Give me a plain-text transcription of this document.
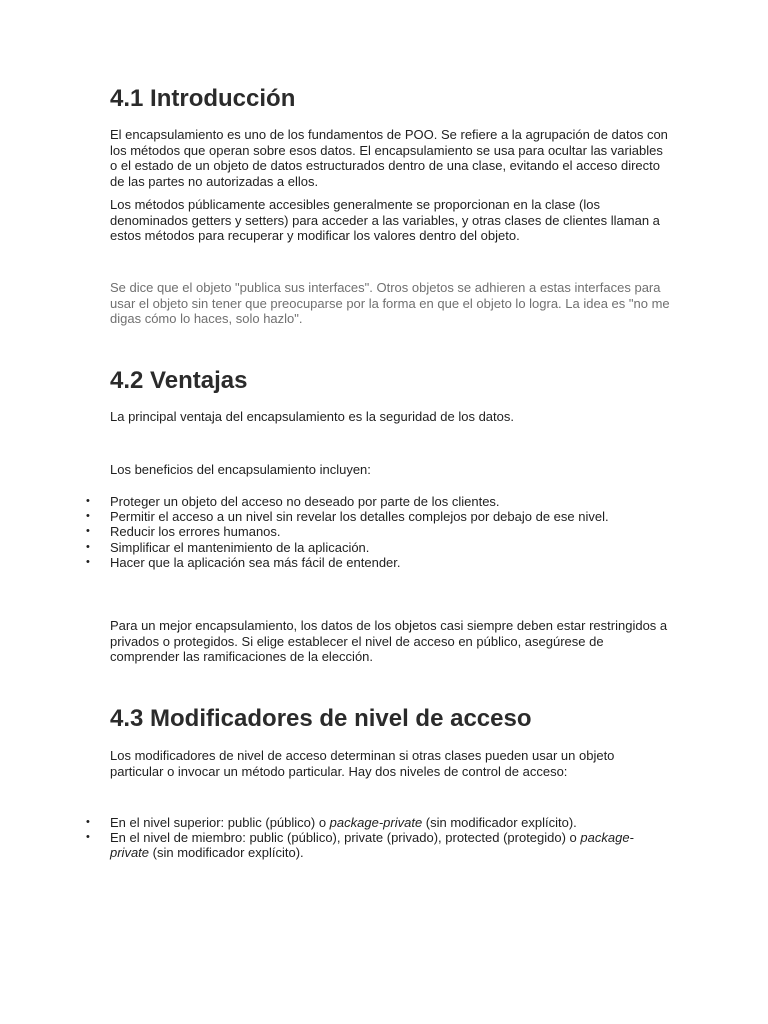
4.1 Introducción

El encapsulamiento es uno de los fundamentos de POO. Se refiere a la agrupación de datos con los métodos que operan sobre esos datos. El encapsulamiento se usa para ocultar las variables o el estado de un objeto de datos estructurados dentro de una clase, evitando el acceso directo de las partes no autorizadas a ellos.

Los métodos públicamente accesibles generalmente se proporcionan en la clase (los denominados getters y setters) para acceder a las variables, y otras clases de clientes llaman a estos métodos para recuperar y modificar los valores dentro del objeto.

Se dice que el objeto "publica sus interfaces". Otros objetos se adhieren a estas interfaces para usar el objeto sin tener que preocuparse por la forma en que el objeto lo logra. La idea es "no me digas cómo lo haces, solo hazlo".

4.2 Ventajas

La principal ventaja del encapsulamiento es la seguridad de los datos.

Los beneficios del encapsulamiento incluyen:

• Proteger un objeto del acceso no deseado por parte de los clientes.
• Permitir el acceso a un nivel sin revelar los detalles complejos por debajo de ese nivel.
• Reducir los errores humanos.
• Simplificar el mantenimiento de la aplicación.
• Hacer que la aplicación sea más fácil de entender.

Para un mejor encapsulamiento, los datos de los objetos casi siempre deben estar restringidos a privados o protegidos. Si elige establecer el nivel de acceso en público, asegúrese de comprender las ramificaciones de la elección.

4.3 Modificadores de nivel de acceso

Los modificadores de nivel de acceso determinan si otras clases pueden usar un objeto particular o invocar un método particular. Hay dos niveles de control de acceso:

• En el nivel superior: public (público) o package-private (sin modificador explícito).
• En el nivel de miembro: public (público), private (privado), protected (protegido) o package-private (sin modificador explícito).
